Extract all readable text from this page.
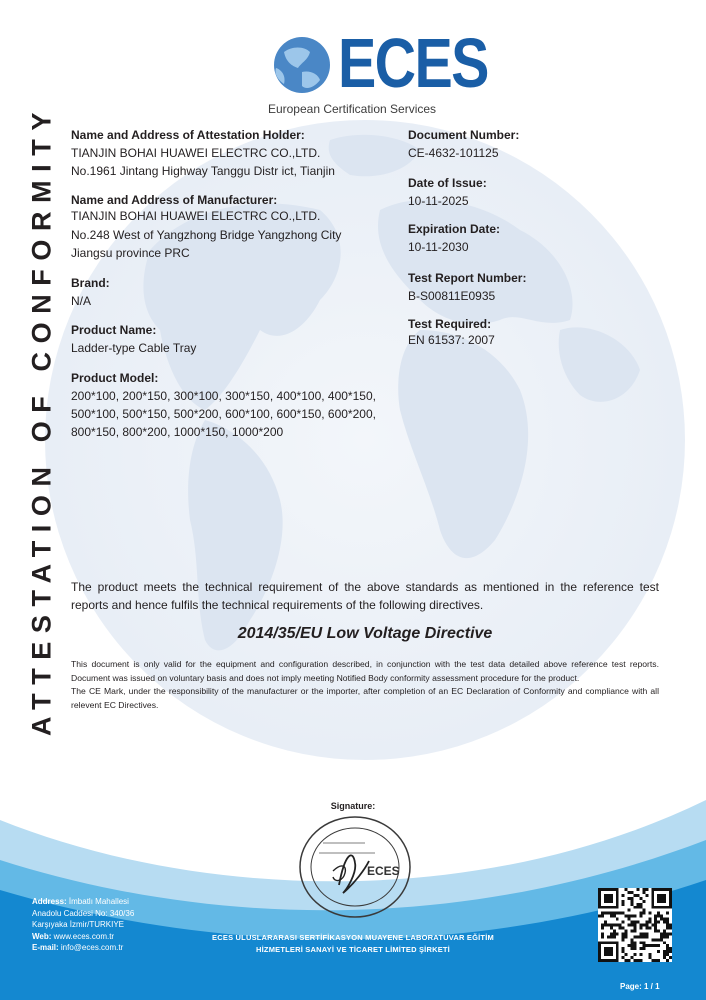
ATTESTATION OF CONFORMITY
ECES
European Certification Services
Name and Address of Attestation Holder:
TIANJIN BOHAI HUAWEI ELECTRC CO.,LTD.
No.1961 Jintang Highway Tanggu Distr ict, Tianjin
Name and Address of Manufacturer:
TIANJIN BOHAI HUAWEI ELECTRC CO.,LTD.
No.248 West of Yangzhong Bridge Yangzhong City
Jiangsu province PRC
Brand:
N/A
Product Name:
Ladder-type Cable Tray
Product Model:
200*100, 200*150, 300*100, 300*150, 400*100, 400*150,
500*100, 500*150, 500*200, 600*100, 600*150, 600*200,
800*150, 800*200, 1000*150, 1000*200
Document Number:
CE-4632-101125
Date of Issue:
10-11-2025
Expiration Date:
10-11-2030
Test Report Number:
B-S00811E0935
Test Required:
EN 61537: 2007
The product meets the technical requirement of the above standards as mentioned in the reference test reports and hence fulfils the technical requirements of the following directives.
2014/35/EU Low Voltage Directive

This document is only valid for the equipment and configuration described, in conjunction with the test data detailed above reference test reports. Document was issued on voluntary basis and does not imply meeting Notified Body conformity assessment procedure for the product.

The CE Mark, under the responsibility of the manufacturer or the importer, after completion of an EC Declaration of Conformity and compliance with all relevent EC Directives.

Signature:
ECES
Address: İmbatlı Mahallesi
Anadolu Caddesi No: 340/36
Karşıyaka İzmir/TURKIYE
Web: www.eces.com.tr
E-mail: info@eces.com.tr
ECES ULUSLARARASI SERTİFİKASYON MUAYENE LABORATUVAR EĞİTİM
HİZMETLERİ SANAYİ VE TİCARET LİMİTED ŞİRKETİ
Page: 1 / 1
